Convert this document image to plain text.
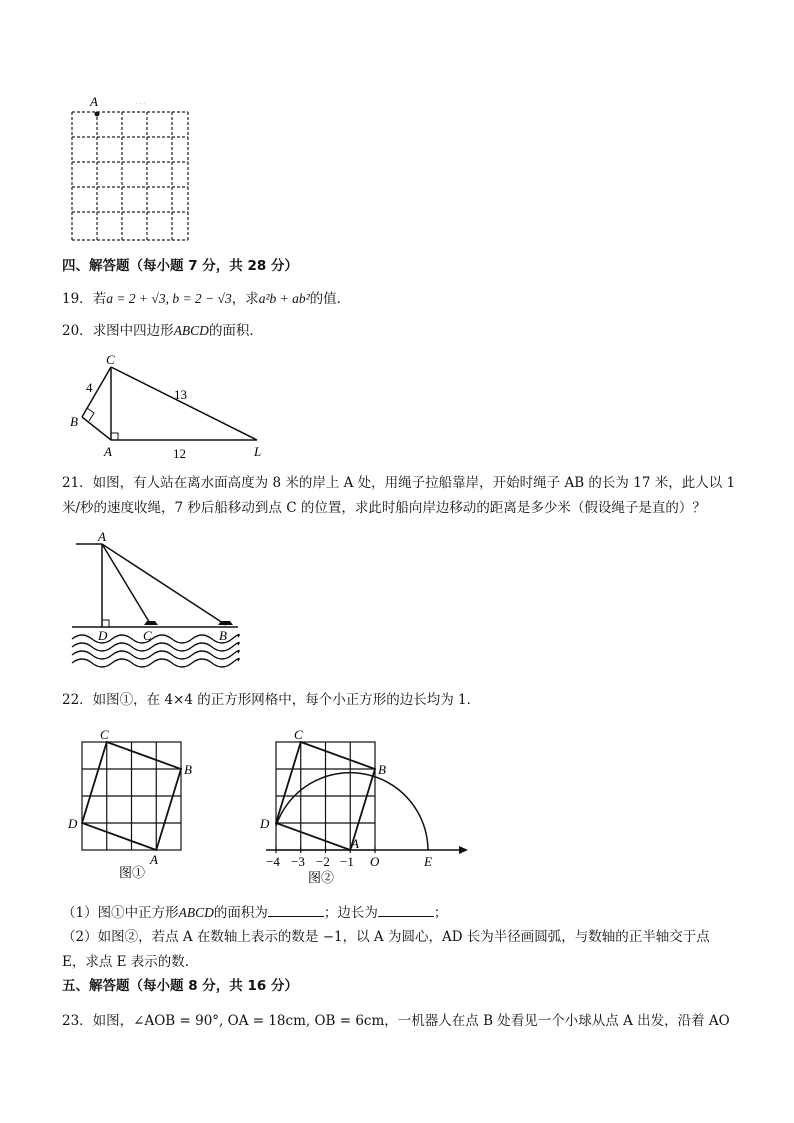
A	…
四、解答题（每小题 7 分，共 28 分）
19．若a = 2 + √3, b = 2 − √3，求a²b + ab²的值．
20．求图中四边形ABCD的面积．
C
B
A	L
4	13
12
21．如图，有人站在离水面高度为 8 米的岸上 A 处，用绳子拉船靠岸，开始时绳子 AB 的长为 17 米，此人以 1
米/秒的速度收绳，7 秒后船移动到点 C 的位置，求此时船向岸边移动的距离是多少米（假设绳子是直的）？
A
D	C	B
22．如图①，在 4×4 的正方形网格中，每个小正方形的边长均为 1．
C
B
D
A
图①
C
B
D
A
O	E
−4 −3 −2 −1
图②
（1）图①中正方形ABCD的面积为	；边长为	；
（2）如图②，若点 A 在数轴上表示的数是 −1，以 A 为圆心，AD 长为半径画圆弧，与数轴的正半轴交于点
E，求点 E 表示的数．
五、解答题（每小题 8 分，共 16 分）
23．如图，∠AOB = 90°, OA = 18cm, OB = 6cm，一机器人在点 B 处看见一个小球从点 A 出发，沿着 AO
